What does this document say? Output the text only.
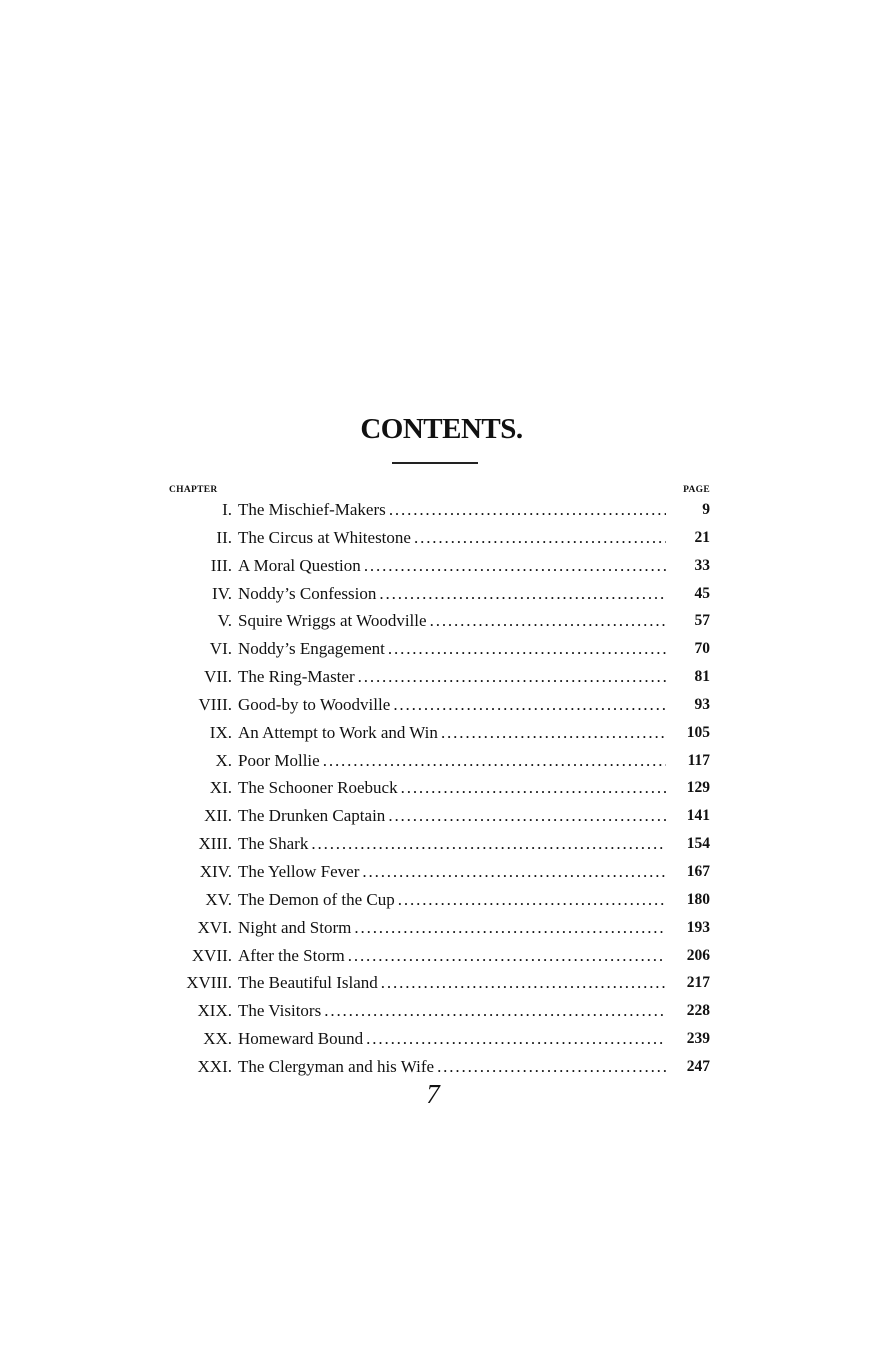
CONTENTS.
CHAPTER	PAGE
I. The Mischief-Makers . . .	9
II. The Circus at Whitestone . . .	21
III. A Moral Question . . .	33
IV. Noddy’s Confession . . .	45
V. Squire Wriggs at Woodville . . .	57
VI. Noddy’s Engagement . . .	70
VII. The Ring-Master . . .	81
VIII. Good-by to Woodville . . .	93
IX. An Attempt to Work and Win . . .	105
X. Poor Mollie . . .	117
XI. The Schooner Roebuck . . .	129
XII. The Drunken Captain . . .	141
XIII. The Shark . . .	154
XIV. The Yellow Fever . . .	167
XV. The Demon of the Cup . . .	180
XVI. Night and Storm . . .	193
XVII. After the Storm . . .	206
XVIII. The Beautiful Island . . .	217
XIX. The Visitors . . .	228
XX. Homeward Bound . . .	239
XXI. The Clergyman and his Wife . . .	247
7
